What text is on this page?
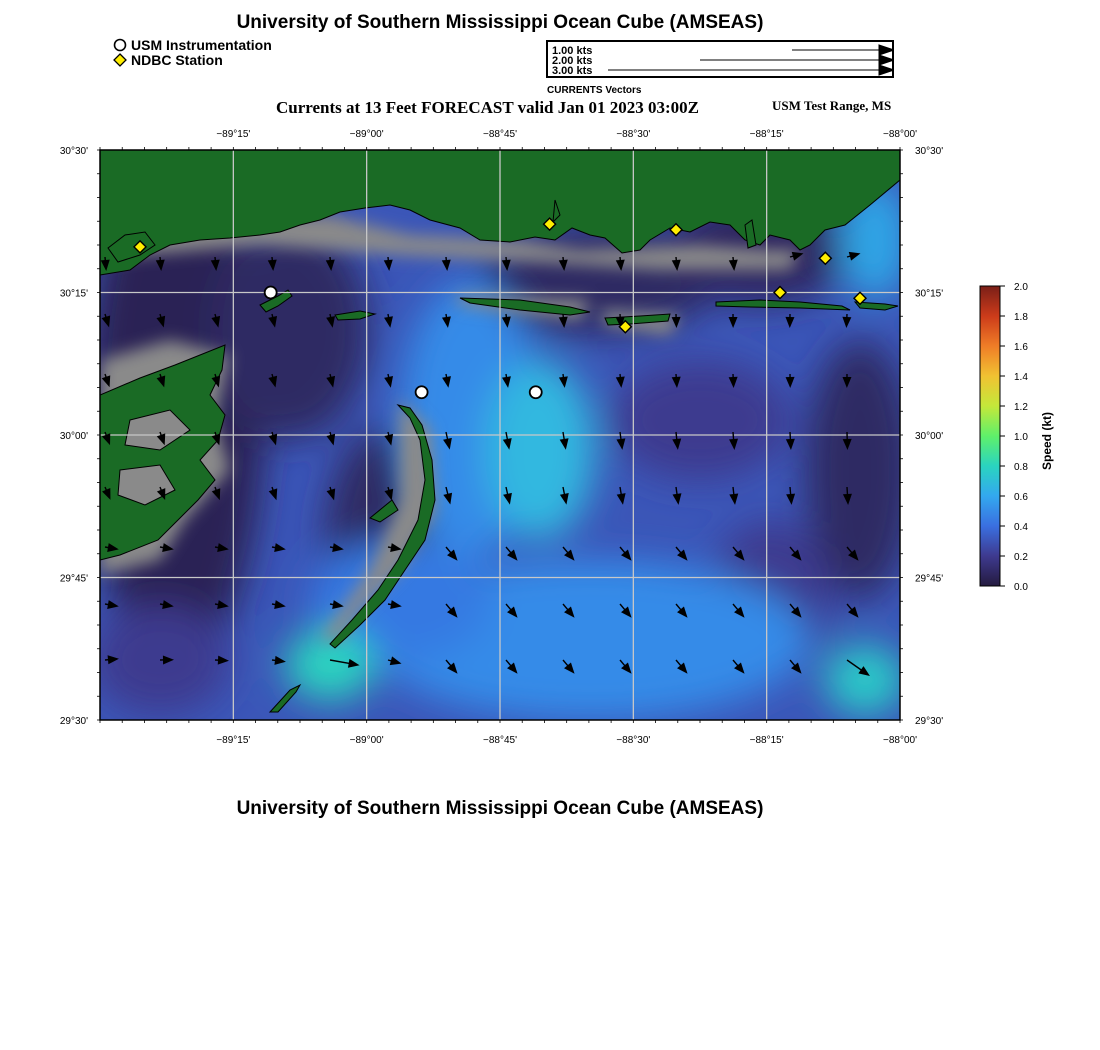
University of Southern Mississippi Ocean Cube (AMSEAS)
USM Instrumentation
NDBC Station
1.00 kts
2.00 kts
3.00 kts
CURRENTS Vectors
Currents at 13 Feet FORECAST valid Jan 01 2023 03:00Z	USM Test Range, MS
−89°15'
−89°15'
−89°00'
−89°00'
−88°45'
−88°45'
−88°30'
−88°30'
−88°15'
−88°15'
−88°00'
−88°00'
30°30'	30°30'
30°15'	30°15'
30°00'	30°00'
29°45'	29°45'
29°30'	29°30'
0.0
0.2
0.4
0.6
0.8
1.0
1.2
1.4
1.6
1.8
2.0
Speed (kt)
University of Southern Mississippi Ocean Cube (AMSEAS)
